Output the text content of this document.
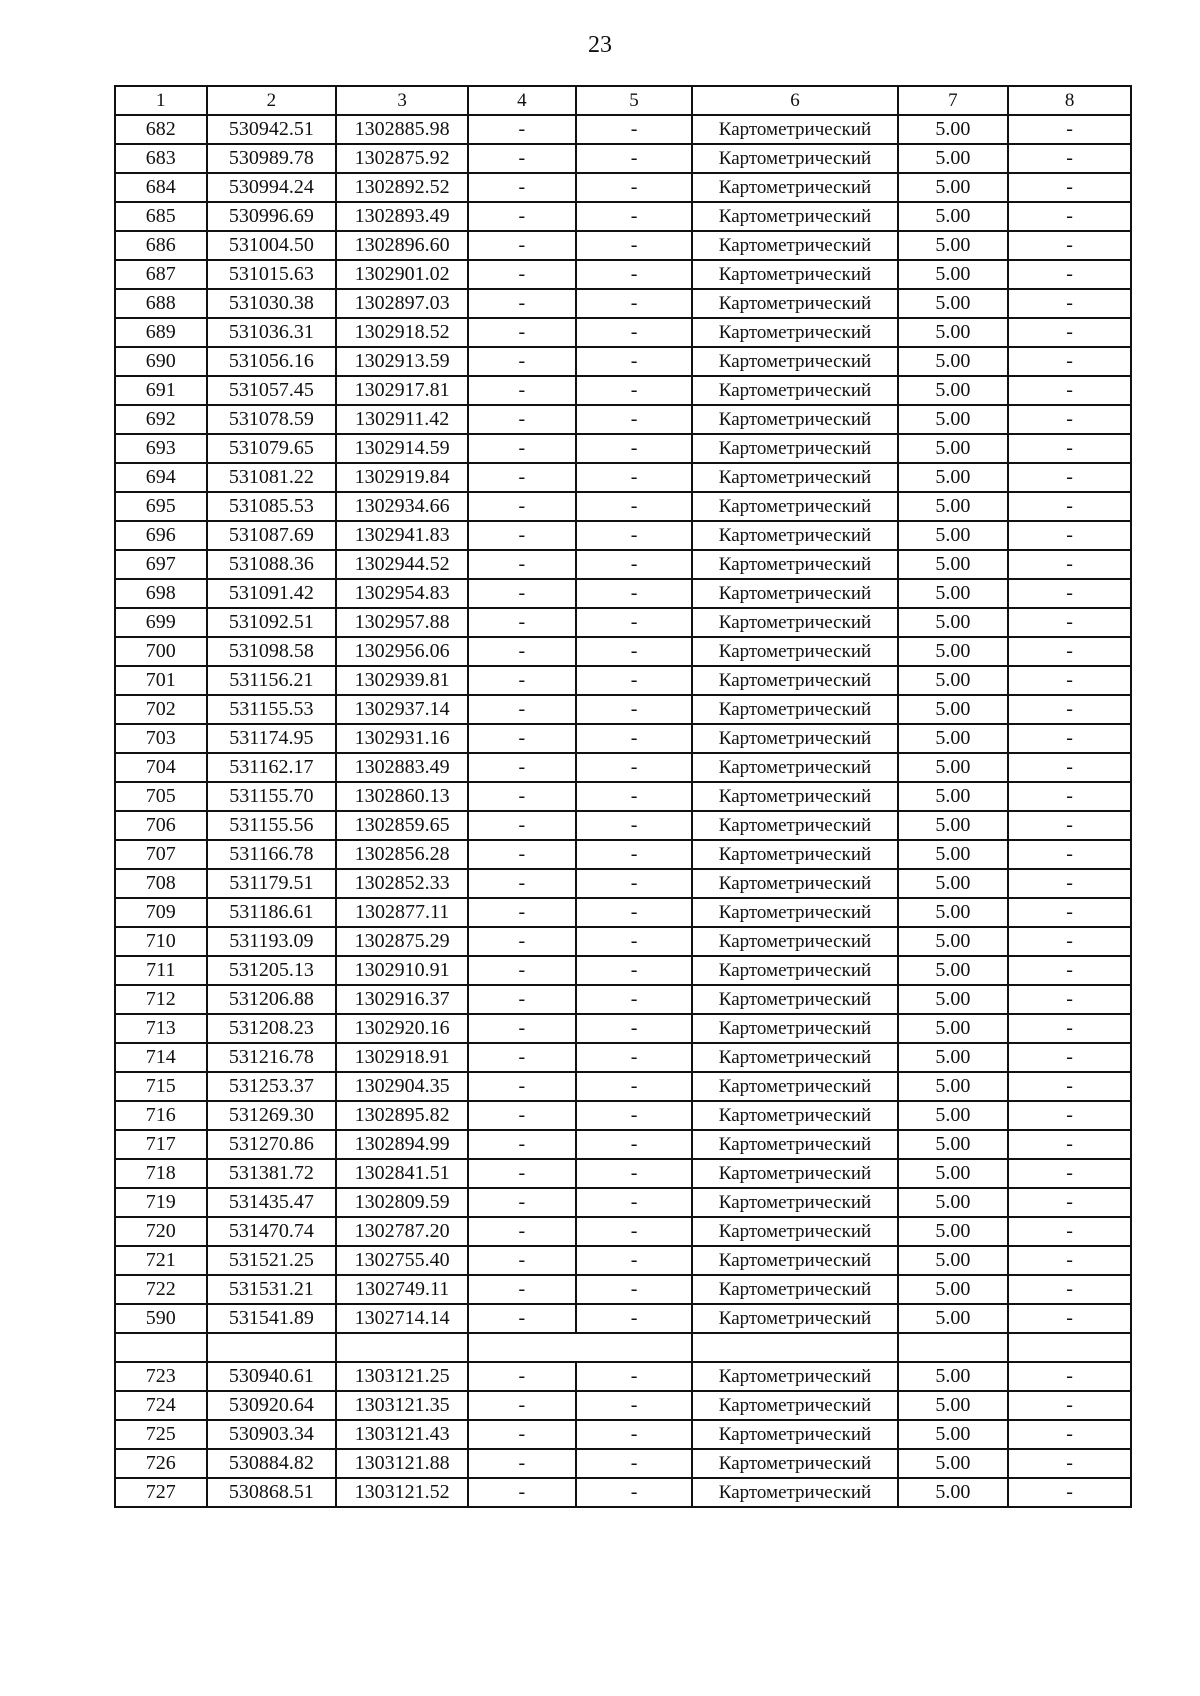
23
1	2	3	4	5	6	7	8
682	530942.51	1302885.98	-	-	Картометрический	5.00	-
683	530989.78	1302875.92	-	-	Картометрический	5.00	-
684	530994.24	1302892.52	-	-	Картометрический	5.00	-
685	530996.69	1302893.49	-	-	Картометрический	5.00	-
686	531004.50	1302896.60	-	-	Картометрический	5.00	-
687	531015.63	1302901.02	-	-	Картометрический	5.00	-
688	531030.38	1302897.03	-	-	Картометрический	5.00	-
689	531036.31	1302918.52	-	-	Картометрический	5.00	-
690	531056.16	1302913.59	-	-	Картометрический	5.00	-
691	531057.45	1302917.81	-	-	Картометрический	5.00	-
692	531078.59	1302911.42	-	-	Картометрический	5.00	-
693	531079.65	1302914.59	-	-	Картометрический	5.00	-
694	531081.22	1302919.84	-	-	Картометрический	5.00	-
695	531085.53	1302934.66	-	-	Картометрический	5.00	-
696	531087.69	1302941.83	-	-	Картометрический	5.00	-
697	531088.36	1302944.52	-	-	Картометрический	5.00	-
698	531091.42	1302954.83	-	-	Картометрический	5.00	-
699	531092.51	1302957.88	-	-	Картометрический	5.00	-
700	531098.58	1302956.06	-	-	Картометрический	5.00	-
701	531156.21	1302939.81	-	-	Картометрический	5.00	-
702	531155.53	1302937.14	-	-	Картометрический	5.00	-
703	531174.95	1302931.16	-	-	Картометрический	5.00	-
704	531162.17	1302883.49	-	-	Картометрический	5.00	-
705	531155.70	1302860.13	-	-	Картометрический	5.00	-
706	531155.56	1302859.65	-	-	Картометрический	5.00	-
707	531166.78	1302856.28	-	-	Картометрический	5.00	-
708	531179.51	1302852.33	-	-	Картометрический	5.00	-
709	531186.61	1302877.11	-	-	Картометрический	5.00	-
710	531193.09	1302875.29	-	-	Картометрический	5.00	-
711	531205.13	1302910.91	-	-	Картометрический	5.00	-
712	531206.88	1302916.37	-	-	Картометрический	5.00	-
713	531208.23	1302920.16	-	-	Картометрический	5.00	-
714	531216.78	1302918.91	-	-	Картометрический	5.00	-
715	531253.37	1302904.35	-	-	Картометрический	5.00	-
716	531269.30	1302895.82	-	-	Картометрический	5.00	-
717	531270.86	1302894.99	-	-	Картометрический	5.00	-
718	531381.72	1302841.51	-	-	Картометрический	5.00	-
719	531435.47	1302809.59	-	-	Картометрический	5.00	-
720	531470.74	1302787.20	-	-	Картометрический	5.00	-
721	531521.25	1302755.40	-	-	Картометрический	5.00	-
722	531531.21	1302749.11	-	-	Картометрический	5.00	-
590	531541.89	1302714.14	-	-	Картометрический	5.00	-

723	530940.61	1303121.25	-	-	Картометрический	5.00	-
724	530920.64	1303121.35	-	-	Картометрический	5.00	-
725	530903.34	1303121.43	-	-	Картометрический	5.00	-
726	530884.82	1303121.88	-	-	Картометрический	5.00	-
727	530868.51	1303121.52	-	-	Картометрический	5.00	-
